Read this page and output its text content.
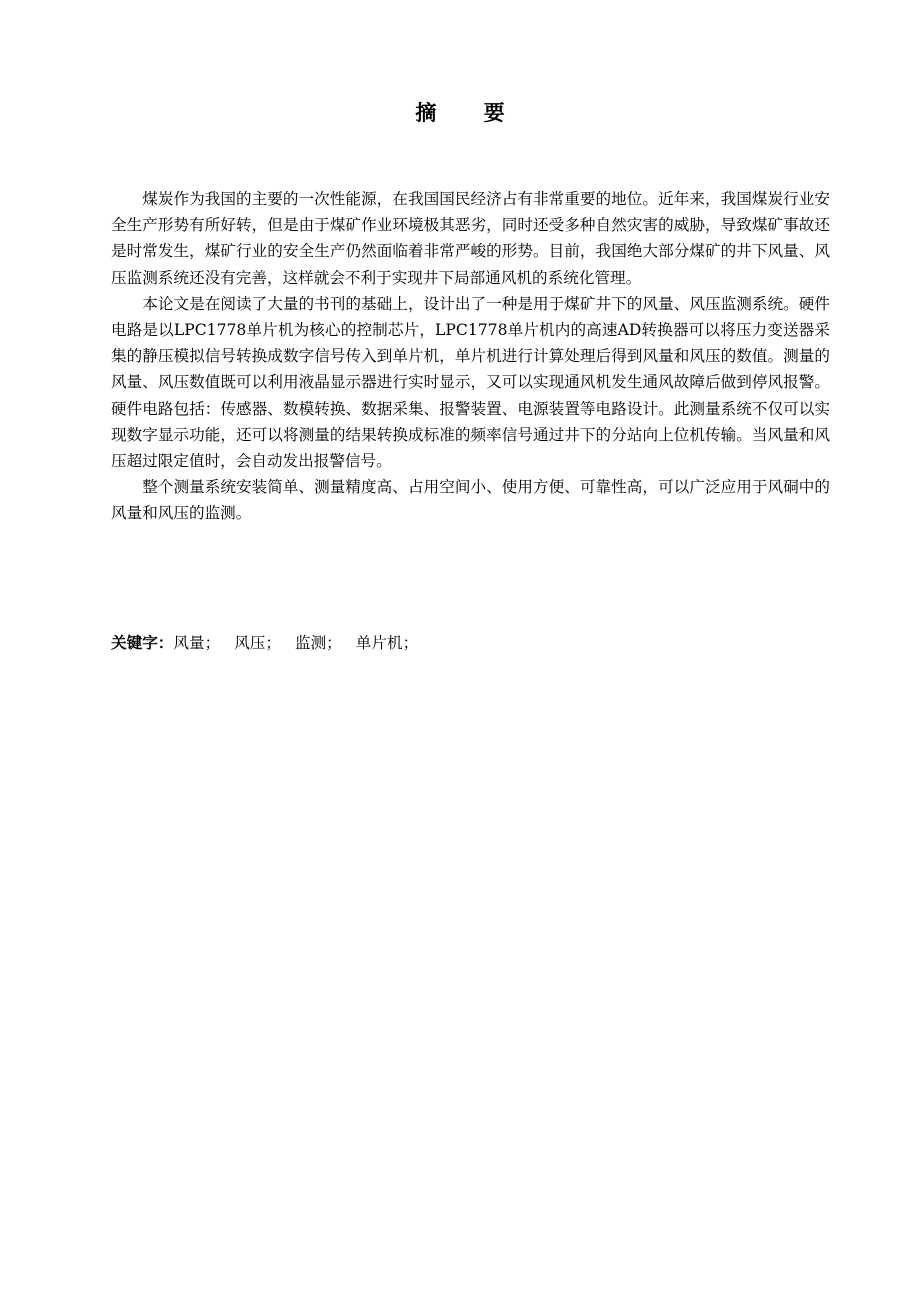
摘 要

煤炭作为我国的主要的一次性能源，在我国国民经济占有非常重要的地位。近年来，我国煤炭行业安全生产形势有所好转，但是由于煤矿作业环境极其恶劣，同时还受多种自然灾害的威胁，导致煤矿事故还是时常发生，煤矿行业的安全生产仍然面临着非常严峻的形势。目前，我国绝大部分煤矿的井下风量、风压监测系统还没有完善，这样就会不利于实现井下局部通风机的系统化管理。

本论文是在阅读了大量的书刊的基础上，设计出了一种是用于煤矿井下的风量、风压监测系统。硬件电路是以LPC1778单片机为核心的控制芯片，LPC1778单片机内的高速AD转换器可以将压力变送器采集的静压模拟信号转换成数字信号传入到单片机，单片机进行计算处理后得到风量和风压的数值。测量的风量、风压数值既可以利用液晶显示器进行实时显示，又可以实现通风机发生通风故障后做到停风报警。硬件电路包括：传感器、数模转换、数据采集、报警装置、电源装置等电路设计。此测量系统不仅可以实现数字显示功能，还可以将测量的结果转换成标准的频率信号通过井下的分站向上位机传输。当风量和风压超过限定值时，会自动发出报警信号。

整个测量系统安装简单、测量精度高、占用空间小、使用方便、可靠性高，可以广泛应用于风硐中的风量和风压的监测。

关键字：风量； 风压； 监测； 单片机；
